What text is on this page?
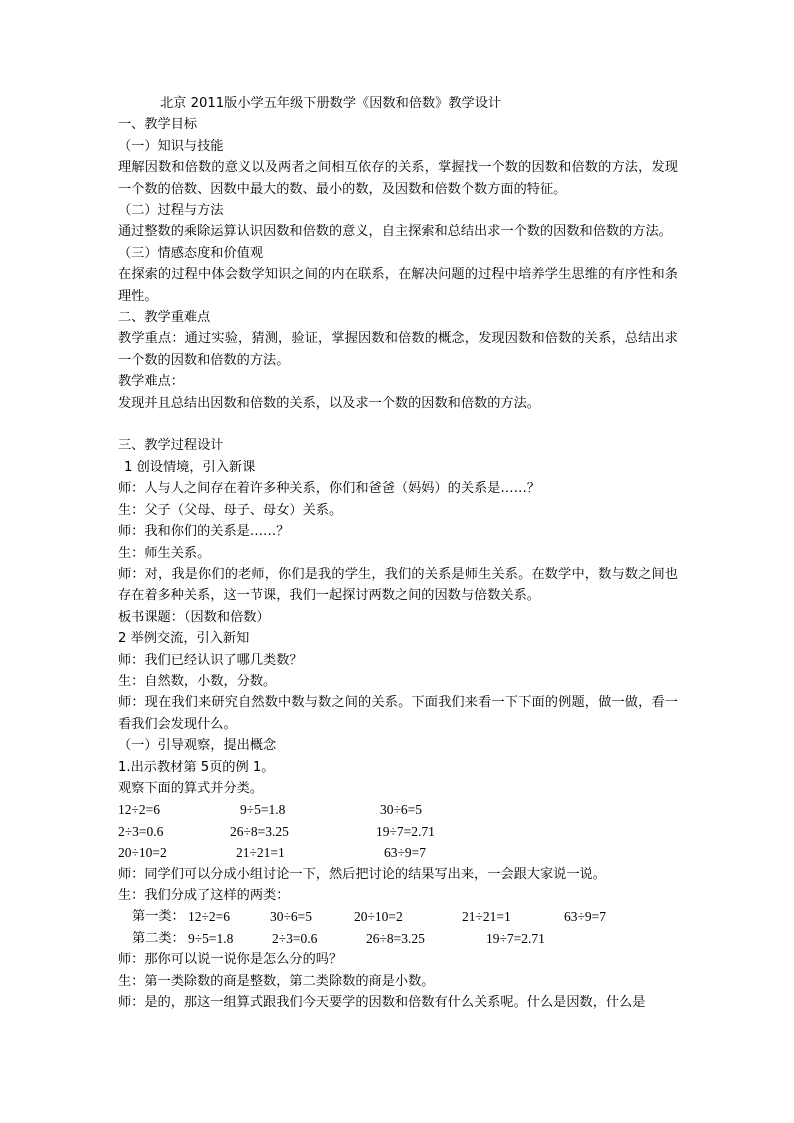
北京 2011版小学五年级下册数学《因数和倍数》教学设计
一、教学目标
（一）知识与技能
理解因数和倍数的意义以及两者之间相互依存的关系，掌握找一个数的因数和倍数的方法，发现一个数的倍数、因数中最大的数、最小的数，及因数和倍数个数方面的特征。
（二）过程与方法
通过整数的乘除运算认识因数和倍数的意义，自主探索和总结出求一个数的因数和倍数的方法。
（三）情感态度和价值观
在探索的过程中体会数学知识之间的内在联系，在解决问题的过程中培养学生思维的有序性和条理性。
二、教学重难点
教学重点：通过实验，猜测，验证，掌握因数和倍数的概念，发现因数和倍数的关系，总结出求一个数的因数和倍数的方法。
教学难点：
发现并且总结出因数和倍数的关系，以及求一个数的因数和倍数的方法。
三、教学过程设计
1 创设情境，引入新课
师：人与人之间存在着许多种关系，你们和爸爸（妈妈）的关系是……？
生：父子（父母、母子、母女）关系。
师：我和你们的关系是……？
生：师生关系。
师：对，我是你们的老师，你们是我的学生，我们的关系是师生关系。在数学中，数与数之间也存在着多种关系，这一节课，我们一起探讨两数之间的因数与倍数关系。
板书课题：（因数和倍数）
2 举例交流，引入新知
师：我们已经认识了哪几类数？
生：自然数，小数，分数。
师：现在我们来研究自然数中数与数之间的关系。下面我们来看一下下面的例题，做一做，看一看我们会发现什么。
（一）引导观察，提出概念
1.出示教材第 5页的例 1。
观察下面的算式并分类。
12÷2=6	9÷5=1.8	30÷6=5
2÷3=0.6	26÷8=3.25	19÷7=2.71
20÷10=2	21÷21=1	63÷9=7
师：同学们可以分成小组讨论一下，然后把讨论的结果写出来，一会跟大家说一说。
生：我们分成了这样的两类：
第一类： 12÷2=6	30÷6=5	20÷10=2	21÷21=1	63÷9=7
第二类： 9÷5=1.8	2÷3=0.6	26÷8=3.25	19÷7=2.71
师：那你可以说一说你是怎么分的吗？
生：第一类除数的商是整数，第二类除数的商是小数。
师：是的，那这一组算式跟我们今天要学的因数和倍数有什么关系呢。什么是因数，什么是
